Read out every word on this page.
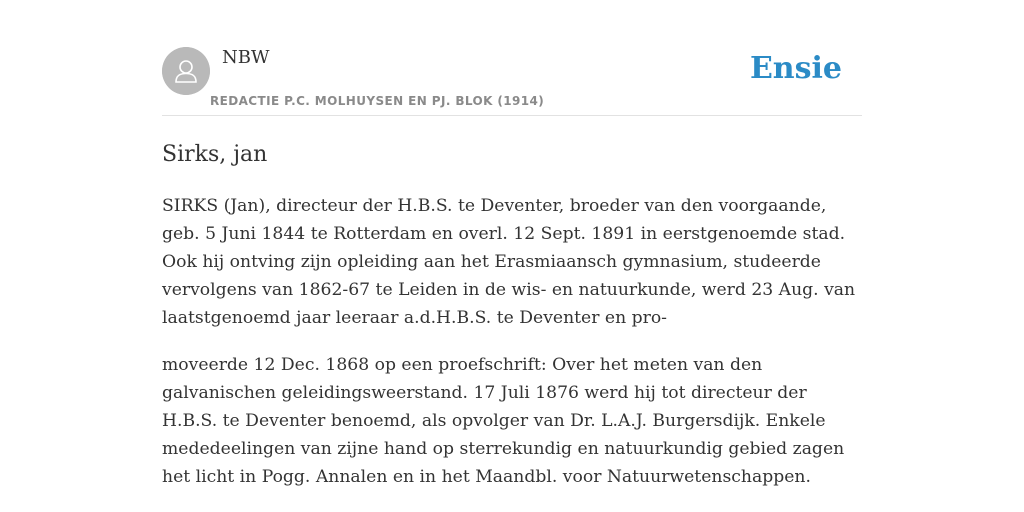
NBW
REDACTIE P.C. MOLHUYSEN EN PJ. BLOK (1914)
Ensie
Sirks, jan

SIRKS (Jan), directeur der H.B.S. te Deventer, broeder van den voorgaande, geb. 5 Juni 1844 te Rotterdam en overl. 12 Sept. 1891 in eerstgenoemde stad. Ook hij ontving zijn opleiding aan het Erasmiaansch gymnasium, studeerde vervolgens van 1862-67 te Leiden in de wis- en natuurkunde, werd 23 Aug. van laatstgenoemd jaar leeraar a.d.H.B.S. te Deventer en pro-

moveerde 12 Dec. 1868 op een proefschrift: Over het meten van den galvanischen geleidingsweerstand. 17 Juli 1876 werd hij tot directeur der H.B.S. te Deventer benoemd, als opvolger van Dr. L.A.J. Burgersdijk. Enkele mededeelingen van zijne hand op sterrekundig en natuurkundig gebied zagen het licht in Pogg. Annalen en in het Maandbl. voor Natuurwetenschappen.
